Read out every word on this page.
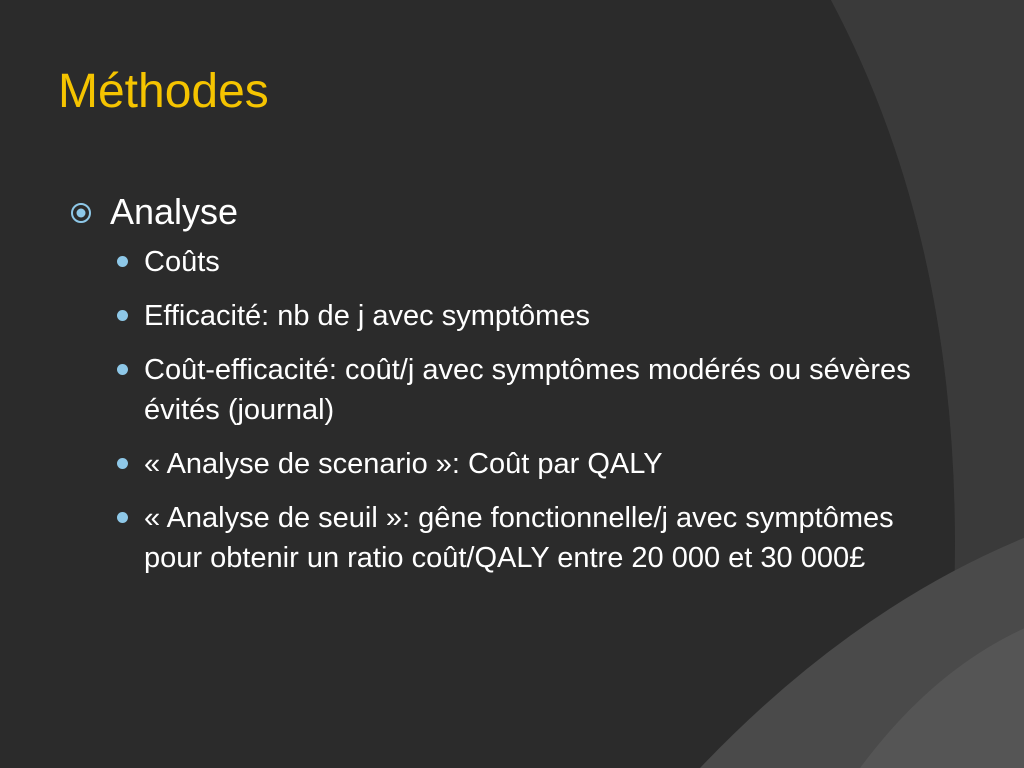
Méthodes
Analyse
Coûts
Efficacité: nb de j avec symptômes
Coût-efficacité: coût/j avec symptômes modérés ou sévères évités (journal)
« Analyse de scenario »: Coût par QALY
« Analyse de seuil »: gêne fonctionnelle/j avec symptômes pour obtenir un ratio coût/QALY entre 20 000 et 30 000£
